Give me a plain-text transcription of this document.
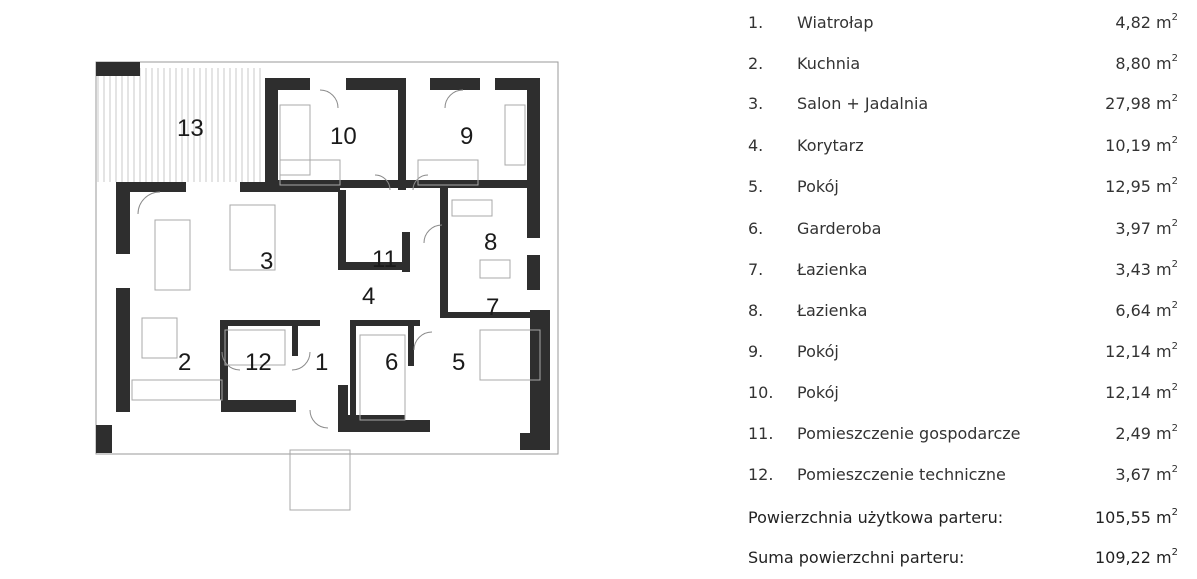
13	10	9
8
3	11
4	7
2 12 1 6 5
1. Wiatrołap	4,82 $m^2$
2. Kuchnia	8,80 $m^2$
3. Salon + Jadalnia	27,98 $m^2$
4. Korytarz	10,19 $m^2$
5. Pokój	12,95 $m^2$
6. Garderoba	3,97 $m^2$
7. Łazienka	3,43 $m^2$
8. Łazienka	6,64 $m^2$
9. Pokój	12,14 $m^2$
10. Pokój	12,14 $m^2$
11. Pomieszczenie gospodarcze	2,49 $m^2$
12. Pomieszczenie techniczne	3,67 $m^2$
Powierzchnia użytkowa parteru:	105,55 $m^2$
Suma powierzchni parteru:	109,22 $m^2$
